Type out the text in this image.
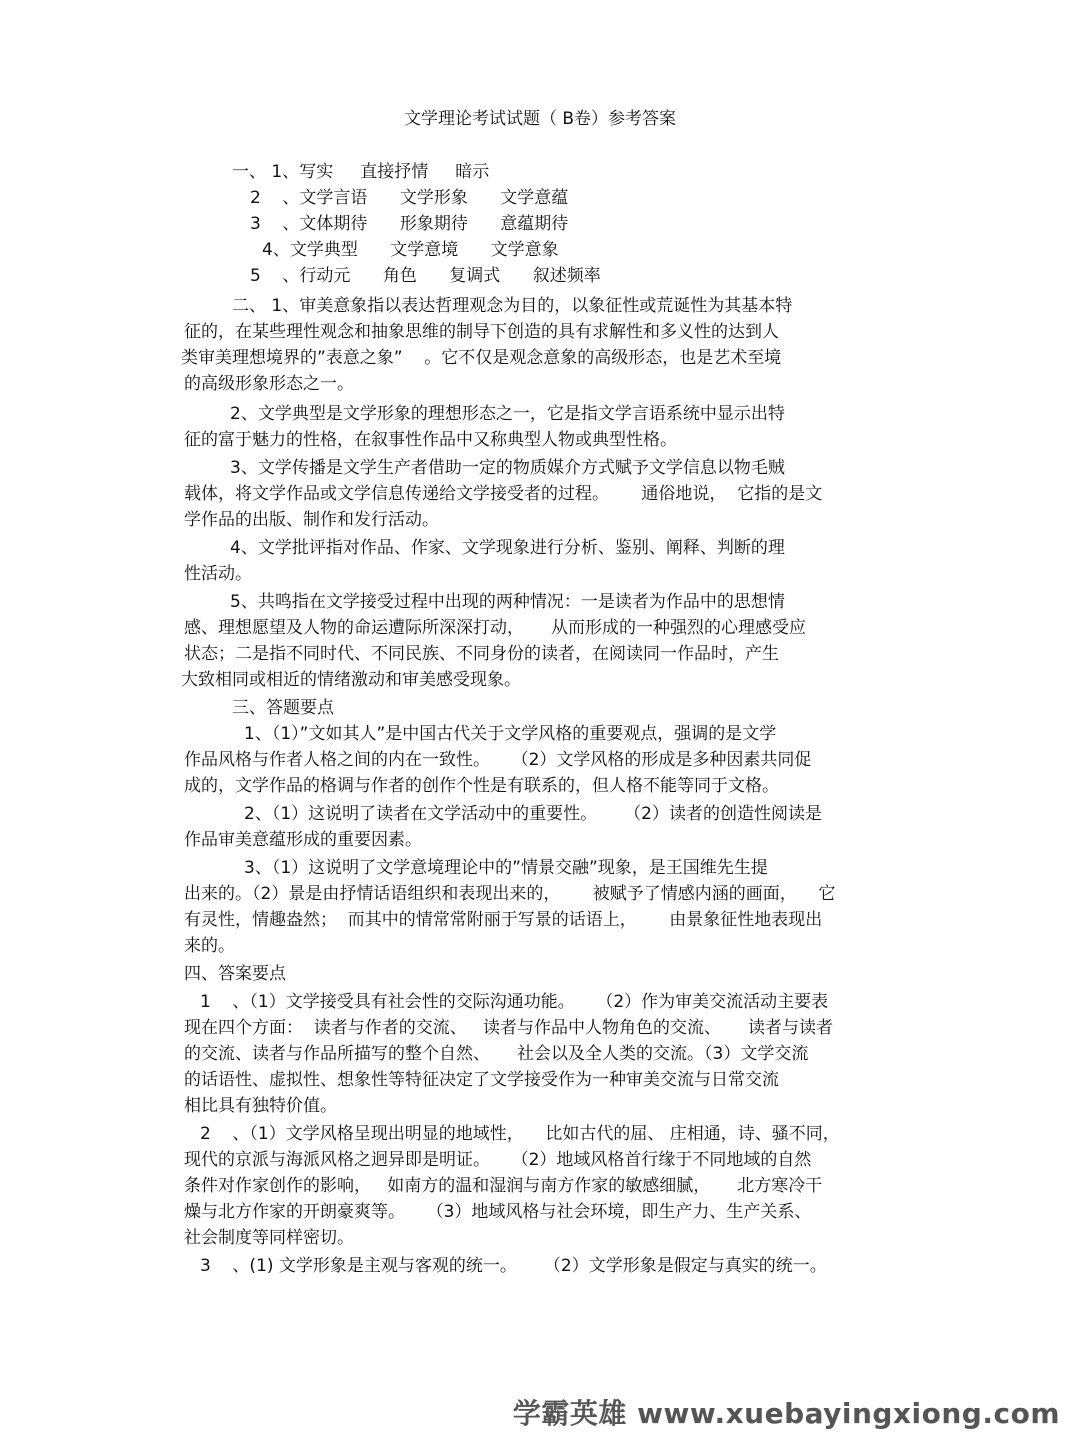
文学理论考试试题（ B卷）参考答案
一、 1、写实     直接抒情     暗示
2    、文学言语      文学形象      文学意蕴
3    、文体期待      形象期待      意蕴期待
4、文学典型      文学意境      文学意象
5    、行动元      角色      复调式      叙述频率
二、 1、审美意象指以表达哲理观念为目的，以象征性或荒诞性为其基本特
征的，在某些理性观念和抽象思维的制导下创造的具有求解性和多义性的达到人
类审美理想境界的”表意之象”    。它不仅是观念意象的高级形态，也是艺术至境
的高级形象形态之一。
2、文学典型是文学形象的理想形态之一，它是指文学言语系统中显示出特
征的富于魅力的性格，在叙事性作品中又称典型人物或典型性格。
3、文学传播是文学生产者借助一定的物质媒介方式赋予文学信息以物毛贼
载体，将文学作品或文学信息传递给文学接受者的过程。      通俗地说，  它指的是文
学作品的出版、制作和发行活动。
4、文学批评指对作品、作家、文学现象进行分析、鉴别、阐释、判断的理
性活动。
5、共鸣指在文学接受过程中出现的两种情况：一是读者为作品中的思想情
感、理想愿望及人物的命运遭际所深深打动，     从而形成的一种强烈的心理感受应
状态；二是指不同时代、不同民族、不同身份的读者，在阅读同一作品时，产生
大致相同或相近的情绪激动和审美感受现象。
三、答题要点
1、（1）”文如其人”是中国古代关于文学风格的重要观点，强调的是文学
作品风格与作者人格之间的内在一致性。    （2）文学风格的形成是多种因素共同促
成的，文学作品的格调与作者的创作个性是有联系的，但人格不能等同于文格。
2、（1）这说明了读者在文学活动中的重要性。     （2）读者的创造性阅读是
作品审美意蕴形成的重要因素。
3、（1）这说明了文学意境理论中的”情景交融”现象，是王国维先生提
出来的。（2）景是由抒情话语组织和表现出来的，      被赋予了情感内涵的画面，    它
有灵性，情趣盎然；  而其中的情常常附丽于写景的话语上，      由景象征性地表现出
来的。
四、答案要点
1    、（1）文学接受具有社会性的交际沟通功能。    （2）作为审美交流活动主要表
现在四个方面：  读者与作者的交流、   读者与作品中人物角色的交流、     读者与读者
的交流、读者与作品所描写的整个自然、     社会以及全人类的交流。（3）文学交流
的话语性、虚拟性、想象性等特征决定了文学接受作为一种审美交流与日常交流
相比具有独特价值。
2    、（1）文学风格呈现出明显的地域性，    比如古代的屈、 庄相通，诗、骚不同，
现代的京派与海派风格之迥异即是明证。    （2）地域风格首行缘于不同地域的自然
条件对作家创作的影响，   如南方的温和湿润与南方作家的敏感细腻，     北方寒冷干
燥与北方作家的开朗豪爽等。    （3）地域风格与社会环境，即生产力、生产关系、
社会制度等同样密切。
3    、(1) 文学形象是主观与客观的统一。     （2）文学形象是假定与真实的统一。
学霸英雄 www.xuebayingxiong.com
